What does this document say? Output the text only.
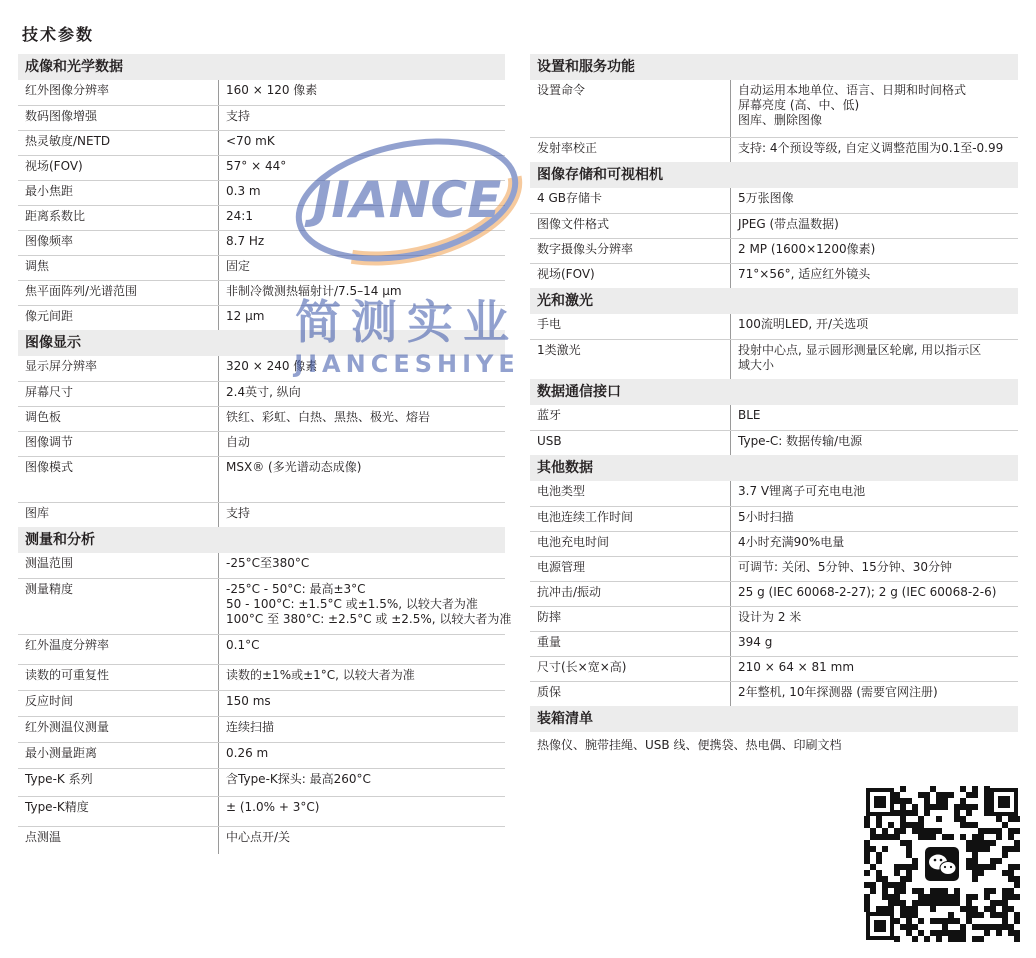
技术参数
成像和光学数据
红外图像分辨率	160 × 120 像素

数码图像增强	支持

热灵敏度/NETD	<70 mK

视场(FOV)	57° × 44°

最小焦距	0.3 m

距离系数比	24:1

图像频率	8.7 Hz

调焦	固定

焦平面阵列/光谱范围	非制冷微测热辐射计/7.5–14 µm

像元间距	12 µm
图像显示
显示屏分辨率	320 × 240 像素

屏幕尺寸	2.4英寸, 纵向

调色板	铁红、彩虹、白热、黑热、极光、熔岩

图像调节	自动

图像模式	MSX® (多光谱动态成像)

图库	支持
测量和分析
测温范围	-25°C至380°C

测量精度	-25°C - 50°C: 最高±3°C
50 - 100°C: ±1.5°C 或±1.5%, 以较大者为准
100°C 至 380°C: ±2.5°C 或 ±2.5%, 以较大者为准

红外温度分辨率	0.1°C

读数的可重复性	读数的±1%或±1°C, 以较大者为准

反应时间	150 ms

红外测温仪测量	连续扫描

最小测量距离	0.26 m

Type-K 系列	含Type-K探头: 最高260°C

Type-K精度	± (1.0% + 3°C)

点测温	中心点开/关
设置和服务功能
设置命令	自动运用本地单位、语言、日期和时间格式
屏幕亮度 (高、中、低)
图库、删除图像

发射率校正	支持: 4个预设等级, 自定义调整范围为0.1至-0.99
图像存储和可视相机
4 GB存储卡	5万张图像

图像文件格式	JPEG (带点温数据)

数字摄像头分辨率	2 MP (1600×1200像素)

视场(FOV)	71°×56°, 适应红外镜头
光和激光
手电	100流明LED, 开/关选项

1类激光	投射中心点, 显示圆形测量区轮廓, 用以指示区
域大小
数据通信接口
蓝牙	BLE

USB	Type-C: 数据传输/电源
其他数据
电池类型	3.7 V锂离子可充电电池

电池连续工作时间	5小时扫描

电池充电时间	4小时充满90%电量

电源管理	可调节: 关闭、5分钟、15分钟、30分钟

抗冲击/振动	25 g (IEC 60068-2-27); 2 g (IEC 60068-2-6)

防摔	设计为 2 米

重量	394 g

尺寸(长×宽×高)	210 × 64 × 81 mm

质保	2年整机, 10年探测器 (需要官网注册)
装箱清单
热像仪、腕带挂绳、USB 线、便携袋、热电偶、印刷文档
JIANCE
简测实业
JIANCESHIYE
